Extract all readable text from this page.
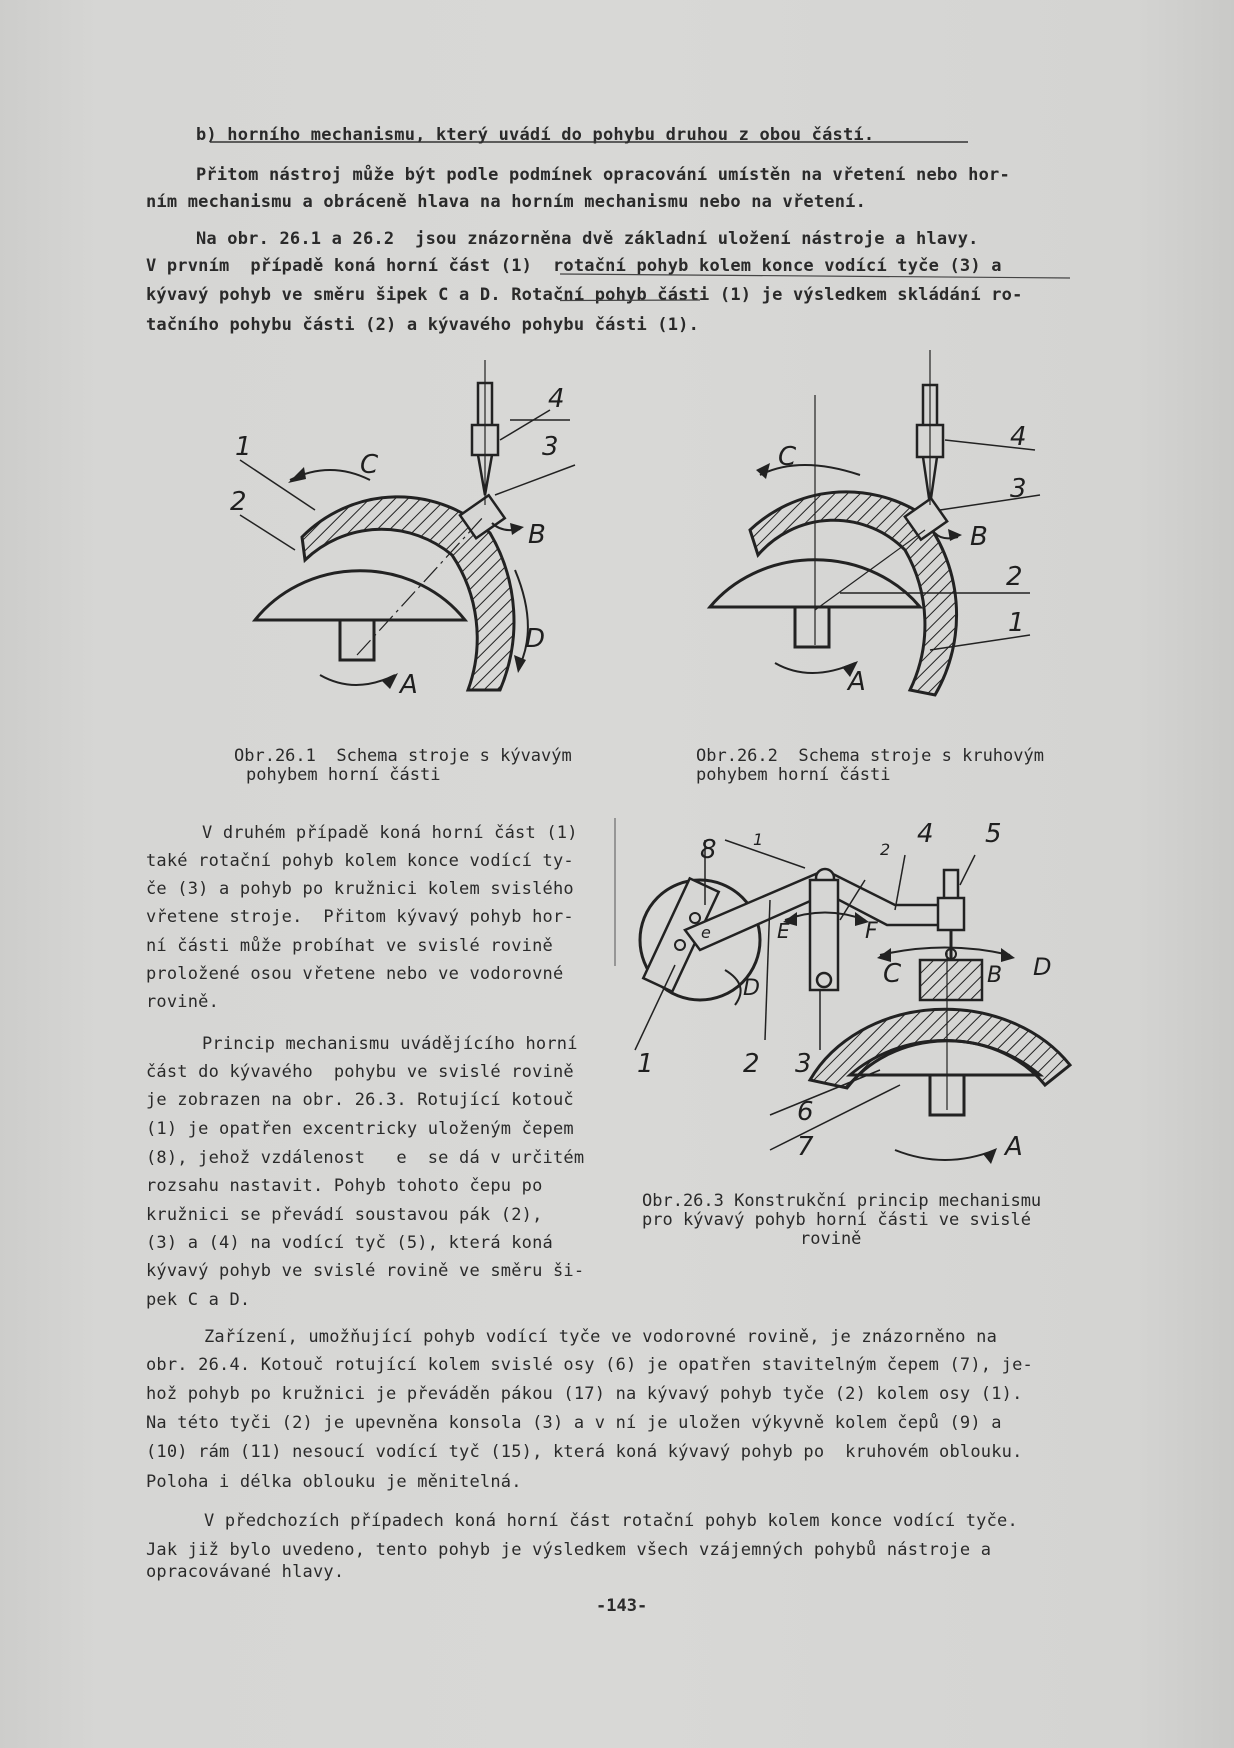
b) horního mechanismu, který uvádí do pohybu druhou z obou částí.
Přitom nástroj může být podle podmínek opracování umístěn na vřetení nebo hor-
ním mechanismu a obráceně hlava na horním mechanismu nebo na vřetení.
Na obr. 26.1 a 26.2  jsou znázorněna dvě základní uložení nástroje a hlavy.
V prvním  případě koná horní část (1)  rotační pohyb kolem konce vodící tyče (3) a
kývavý pohyb ve směru šipek C a D. Rotační pohyb části (1) je výsledkem skládání ro-
tačního pohybu části (2) a kývavého pohybu části (1).
1
2
C
4
3
B
D
A
C
4
3
B
2
1
A
Obr.26.1  Schema stroje s kývavým
pohybem horní části
Obr.26.2  Schema stroje s kruhovým
pohybem horní části
V druhém případě koná horní část (1)
také rotační pohyb kolem konce vodící ty-
če (3) a pohyb po kružnici kolem svislého
vřetene stroje.  Přitom kývavý pohyb hor-
ní části může probíhat ve svislé rovině
proložené osou vřetene nebo ve vodorovné
rovině.
Princip mechanismu uvádějícího horní
část do kývavého  pohybu ve svislé rovině
je zobrazen na obr. 26.3. Rotující kotouč
(1) je opatřen excentricky uloženým čepem
(8), jehož vzdálenost   e  se dá v určitém
rozsahu nastavit. Pohyb tohoto čepu po
kružnici se převádí soustavou pák (2),
(3) a (4) na vodící tyč (5), která koná
kývavý pohyb ve svislé rovině ve směru ši-
pek C a D.
8 1
2
4 5
e	E	F
D	C	B D
1	2 3
6
7	A
Obr.26.3 Konstrukční princip mechanismu
pro kývavý pohyb horní části ve svislé
rovině
Zařízení, umožňující pohyb vodící tyče ve vodorovné rovině, je znázorněno na
obr. 26.4. Kotouč rotující kolem svislé osy (6) je opatřen stavitelným čepem (7), je-
hož pohyb po kružnici je převáděn pákou (17) na kývavý pohyb tyče (2) kolem osy (1).
Na této tyči (2) je upevněna konsola (3) a v ní je uložen výkyvně kolem čepů (9) a
(10) rám (11) nesoucí vodící tyč (15), která koná kývavý pohyb po  kruhovém oblouku.
Poloha i délka oblouku je měnitelná.
V předchozích případech koná horní část rotační pohyb kolem konce vodící tyče.
Jak již bylo uvedeno, tento pohyb je výsledkem všech vzájemných pohybů nástroje a
opracovávané hlavy.
-143-
